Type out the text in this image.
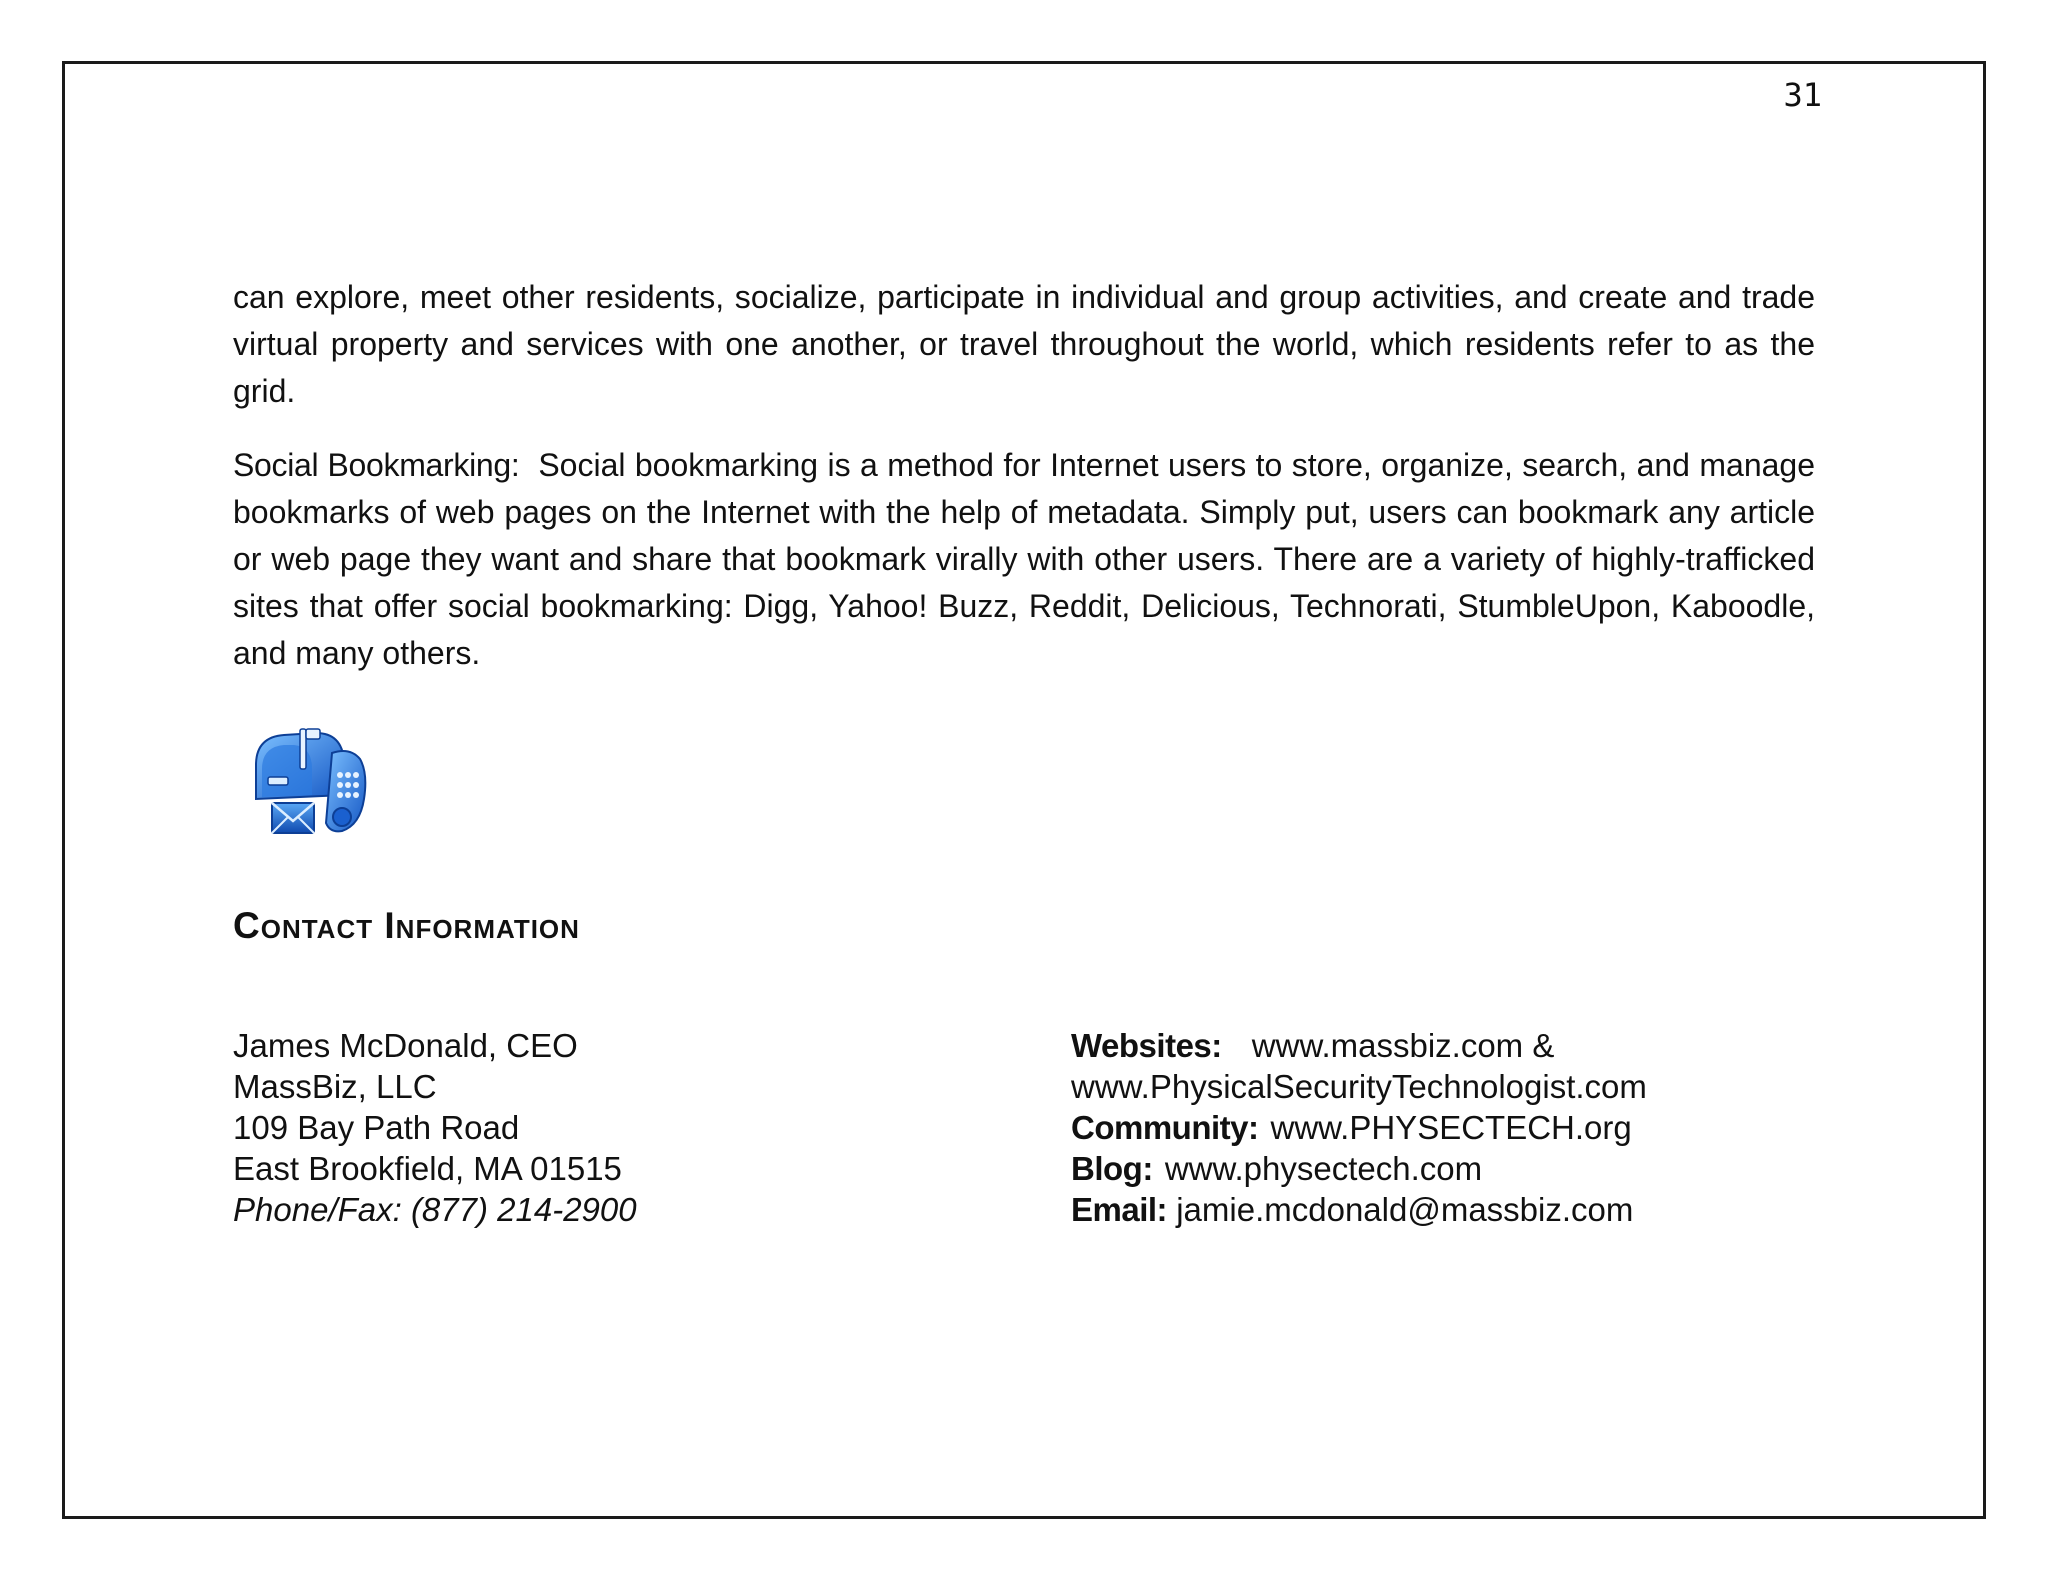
31

can explore, meet other residents, socialize, participate in individual and group activities, and create and trade virtual property and services with one another, or travel throughout the world, which residents refer to as the grid.

Social Bookmarking: Social bookmarking is a method for Internet users to store, organize, search, and manage bookmarks of web pages on the Internet with the help of metadata. Simply put, users can bookmark any article or web page they want and share that bookmark virally with other users. There are a variety of highly-trafficked sites that offer social bookmarking: Digg, Yahoo! Buzz, Reddit, Delicious, Technorati, StumbleUpon, Kaboodle, and many others.

Contact Information
James McDonald, CEO
MassBiz, LLC
109 Bay Path Road
East Brookfield, MA 01515
Phone/Fax: (877) 214-2900
Websites: www.massbiz.com &
www.PhysicalSecurityTechnologist.com
Community: www.PHYSECTECH.org
Blog: www.physectech.com
Email: jamie.mcdonald@massbiz.com
